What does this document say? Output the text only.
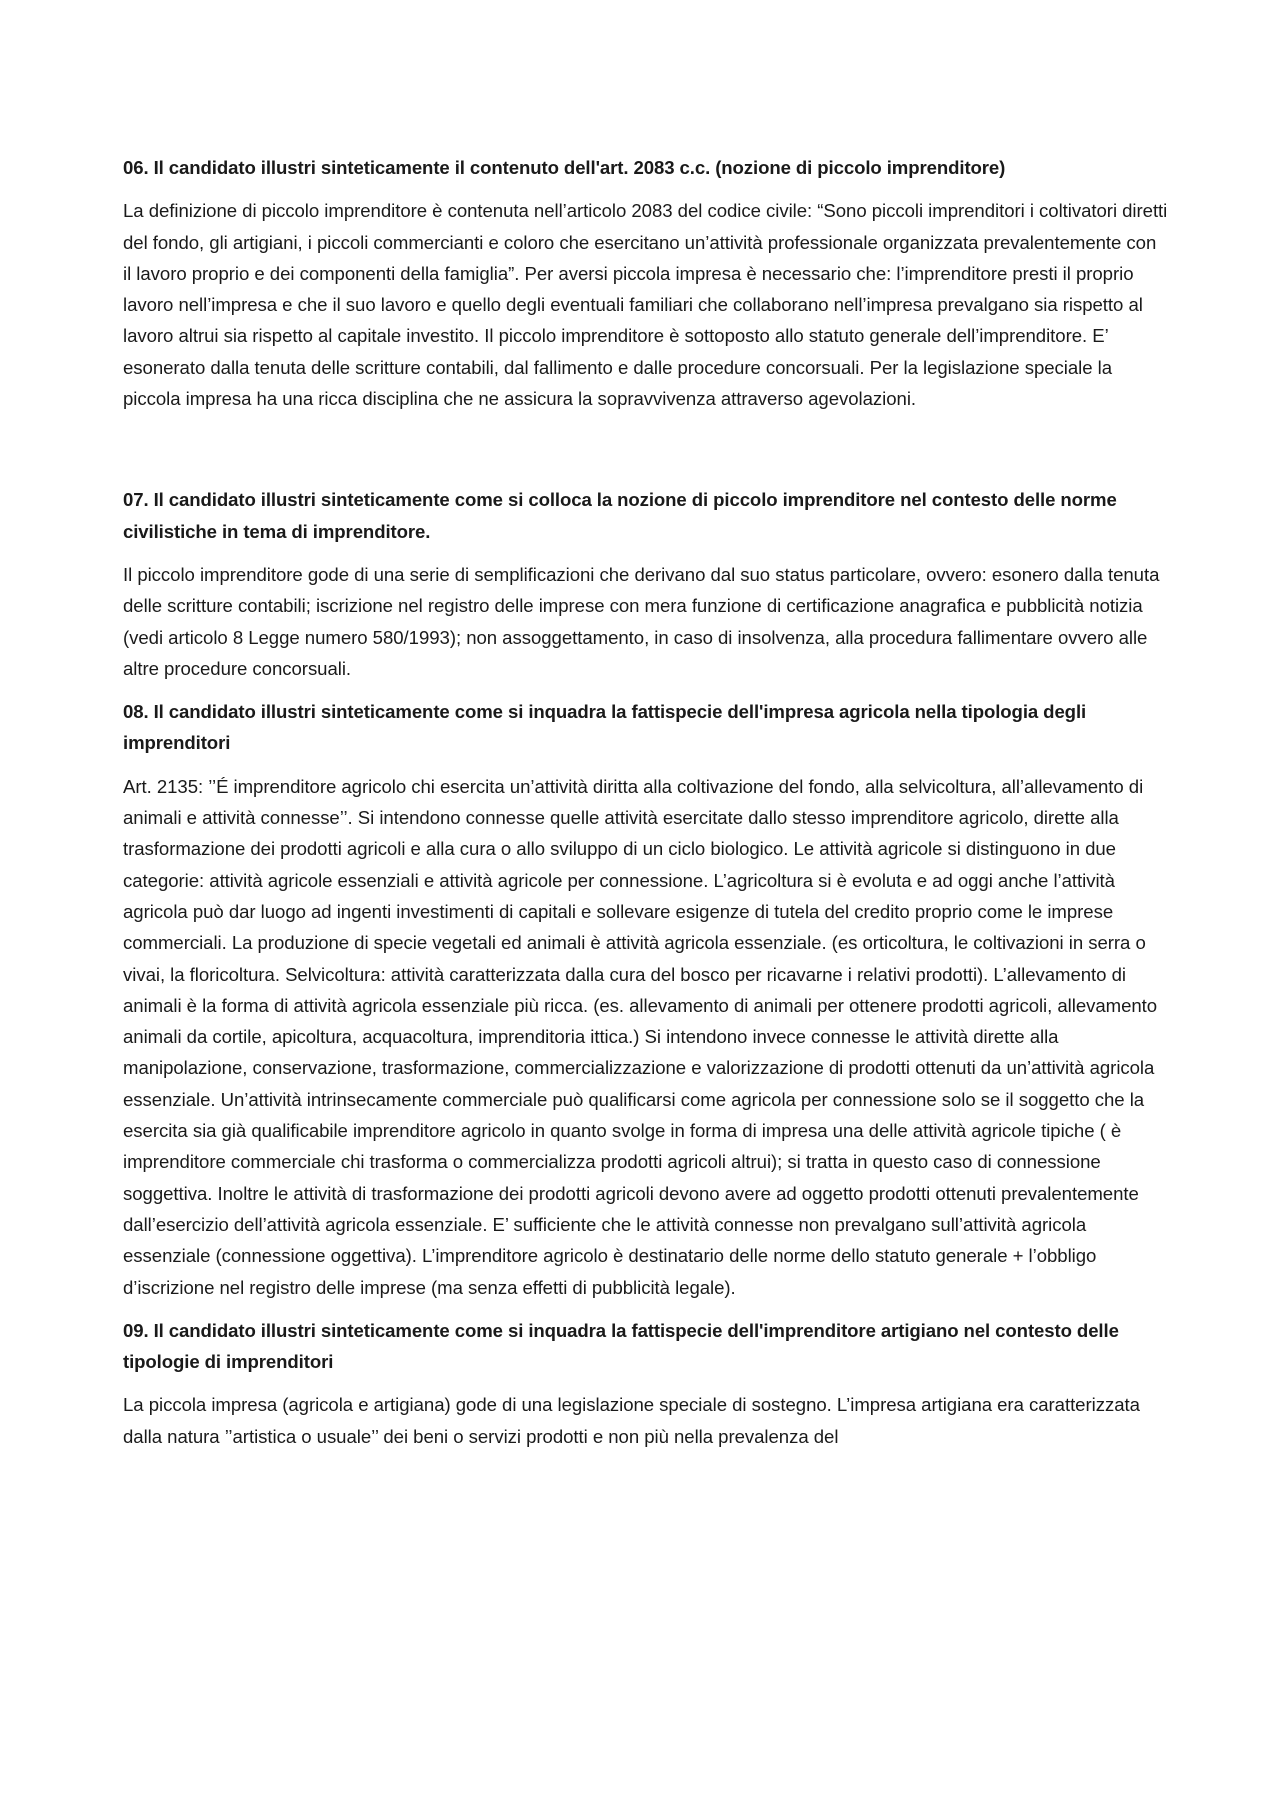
06. Il candidato illustri sinteticamente il contenuto dell'art. 2083 c.c. (nozione di piccolo imprenditore)

La definizione di piccolo imprenditore è contenuta nell’articolo 2083 del codice civile: “Sono piccoli imprenditori i coltivatori diretti del fondo, gli artigiani, i piccoli commercianti e coloro che esercitano un’attività professionale organizzata prevalentemente con il lavoro proprio e dei componenti della famiglia”. Per aversi piccola impresa è necessario che: l’imprenditore presti il proprio lavoro nell’impresa e che il suo lavoro e quello degli eventuali familiari che collaborano nell’impresa prevalgano sia rispetto al lavoro altrui sia rispetto al capitale investito. Il piccolo imprenditore è sottoposto allo statuto generale dell’imprenditore. E’ esonerato dalla tenuta delle scritture contabili, dal fallimento e dalle procedure concorsuali. Per la legislazione speciale la piccola impresa ha una ricca disciplina che ne assicura la sopravvivenza attraverso agevolazioni.

07. Il candidato illustri sinteticamente come si colloca la nozione di piccolo imprenditore nel contesto delle norme civilistiche in tema di imprenditore.

Il piccolo imprenditore gode di una serie di semplificazioni che derivano dal suo status particolare, ovvero: esonero dalla tenuta delle scritture contabili; iscrizione nel registro delle imprese con mera funzione di certificazione anagrafica e pubblicità notizia (vedi articolo 8 Legge numero 580/1993); non assoggettamento, in caso di insolvenza, alla procedura fallimentare ovvero alle altre procedure concorsuali.

08. Il candidato illustri sinteticamente come si inquadra la fattispecie dell'impresa agricola nella tipologia degli imprenditori

Art. 2135: ’’É imprenditore agricolo chi esercita un’attività diritta alla coltivazione del fondo, alla selvicoltura, all’allevamento di animali e attività connesse’’. Si intendono connesse quelle attività esercitate dallo stesso imprenditore agricolo, dirette alla trasformazione dei prodotti agricoli e alla cura o allo sviluppo di un ciclo biologico. Le attività agricole si distinguono in due categorie: attività agricole essenziali e attività agricole per connessione. L’agricoltura si è evoluta e ad oggi anche l’attività agricola può dar luogo ad ingenti investimenti di capitali e sollevare esigenze di tutela del credito proprio come le imprese commerciali. La produzione di specie vegetali ed animali è attività agricola essenziale. (es orticoltura, le coltivazioni in serra o vivai, la floricoltura. Selvicoltura: attività caratterizzata dalla cura del bosco per ricavarne i relativi prodotti). L’allevamento di animali è la forma di attività agricola essenziale più ricca. (es. allevamento di animali per ottenere prodotti agricoli, allevamento animali da cortile, apicoltura, acquacoltura, imprenditoria ittica.) Si intendono invece connesse le attività dirette alla manipolazione, conservazione, trasformazione, commercializzazione e valorizzazione di prodotti ottenuti da un’attività agricola essenziale. Un’attività intrinsecamente commerciale può qualificarsi come agricola per connessione solo se il soggetto che la esercita sia già qualificabile imprenditore agricolo in quanto svolge in forma di impresa una delle attività agricole tipiche ( è imprenditore commerciale chi trasforma o commercializza prodotti agricoli altrui); si tratta in questo caso di connessione soggettiva. Inoltre le attività di trasformazione dei prodotti agricoli devono avere ad oggetto prodotti ottenuti prevalentemente dall’esercizio dell’attività agricola essenziale. E’ sufficiente che le attività connesse non prevalgano sull’attività agricola essenziale (connessione oggettiva). L’imprenditore agricolo è destinatario delle norme dello statuto generale + l’obbligo d’iscrizione nel registro delle imprese (ma senza effetti di pubblicità legale).

09. Il candidato illustri sinteticamente come si inquadra la fattispecie dell'imprenditore artigiano nel contesto delle tipologie di imprenditori

La piccola impresa (agricola e artigiana) gode di una legislazione speciale di sostegno. L’impresa artigiana era caratterizzata dalla natura ’’artistica o usuale’’ dei beni o servizi prodotti e non più nella prevalenza del
